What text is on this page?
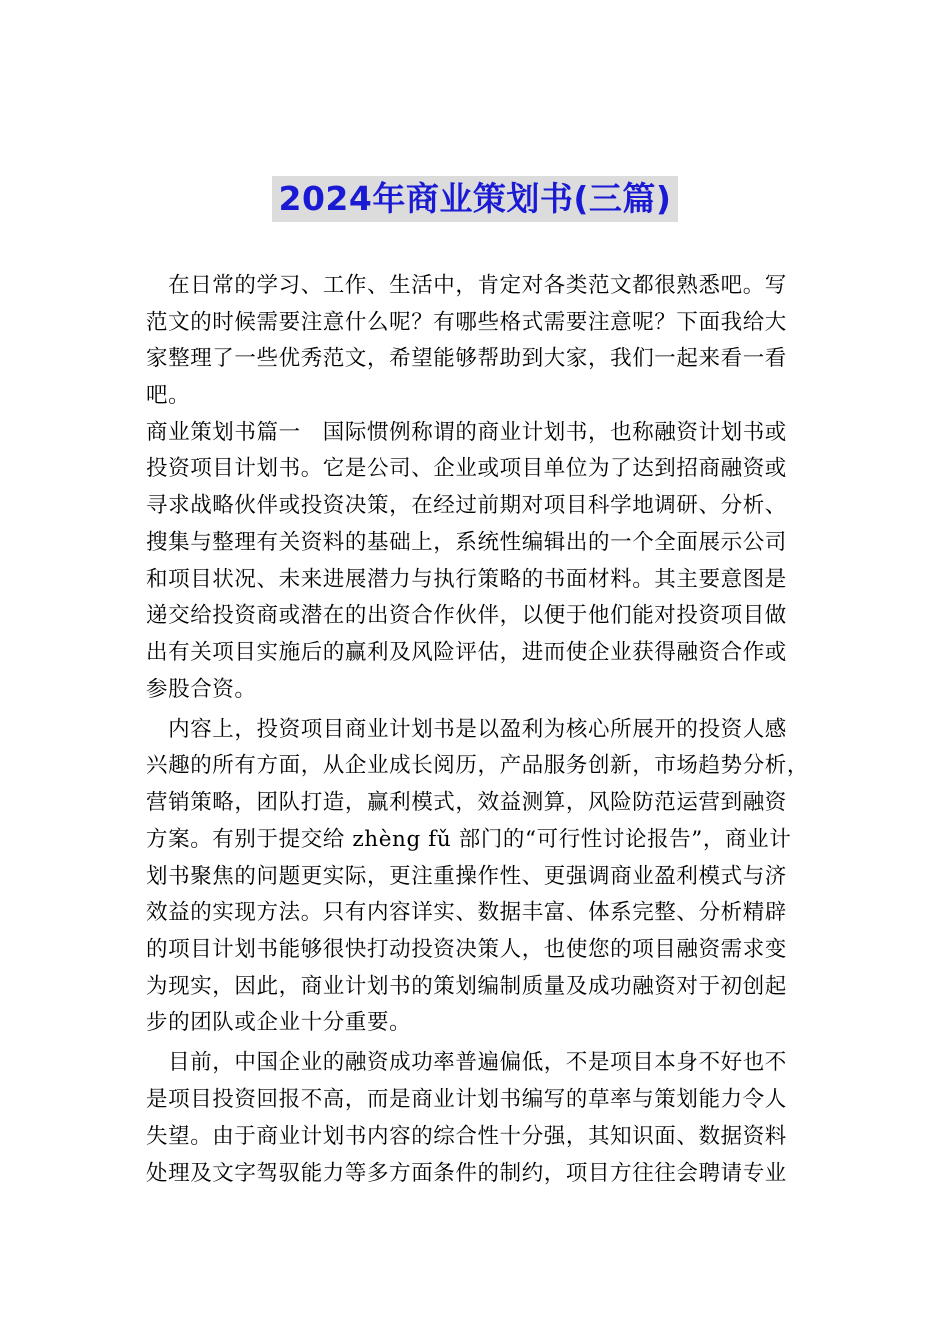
2024年商业策划书(三篇)
　在日常的学习、工作、生活中，肯定对各类范文都很熟悉吧。写
范文的时候需要注意什么呢？有哪些格式需要注意呢？下面我给大
家整理了一些优秀范文，希望能够帮助到大家，我们一起来看一看
吧。
商业策划书篇一　国际惯例称谓的商业计划书，也称融资计划书或
投资项目计划书。它是公司、企业或项目单位为了达到招商融资或
寻求战略伙伴或投资决策，在经过前期对项目科学地调研、分析、
搜集与整理有关资料的基础上，系统性编辑出的一个全面展示公司
和项目状况、未来进展潜力与执行策略的书面材料。其主要意图是
递交给投资商或潜在的出资合作伙伴，以便于他们能对投资项目做
出有关项目实施后的赢利及风险评估，进而使企业获得融资合作或
参股合资。
　内容上，投资项目商业计划书是以盈利为核心所展开的投资人感
兴趣的所有方面，从企业成长阅历，产品服务创新，市场趋势分析，
营销策略，团队打造，赢利模式，效益测算，风险防范运营到融资
方案。有别于提交给 zhèng fǔ 部门的“可行性讨论报告”，商业计
划书聚焦的问题更实际，更注重操作性、更强调商业盈利模式与济
效益的实现方法。只有内容详实、数据丰富、体系完整、分析精辟
的项目计划书能够很快打动投资决策人，也使您的项目融资需求变
为现实，因此，商业计划书的策划编制质量及成功融资对于初创起
步的团队或企业十分重要。
　目前，中国企业的融资成功率普遍偏低，不是项目本身不好也不
是项目投资回报不高，而是商业计划书编写的草率与策划能力令人
失望。由于商业计划书内容的综合性十分强，其知识面、数据资料
处理及文字驾驭能力等多方面条件的制约，项目方往往会聘请专业
